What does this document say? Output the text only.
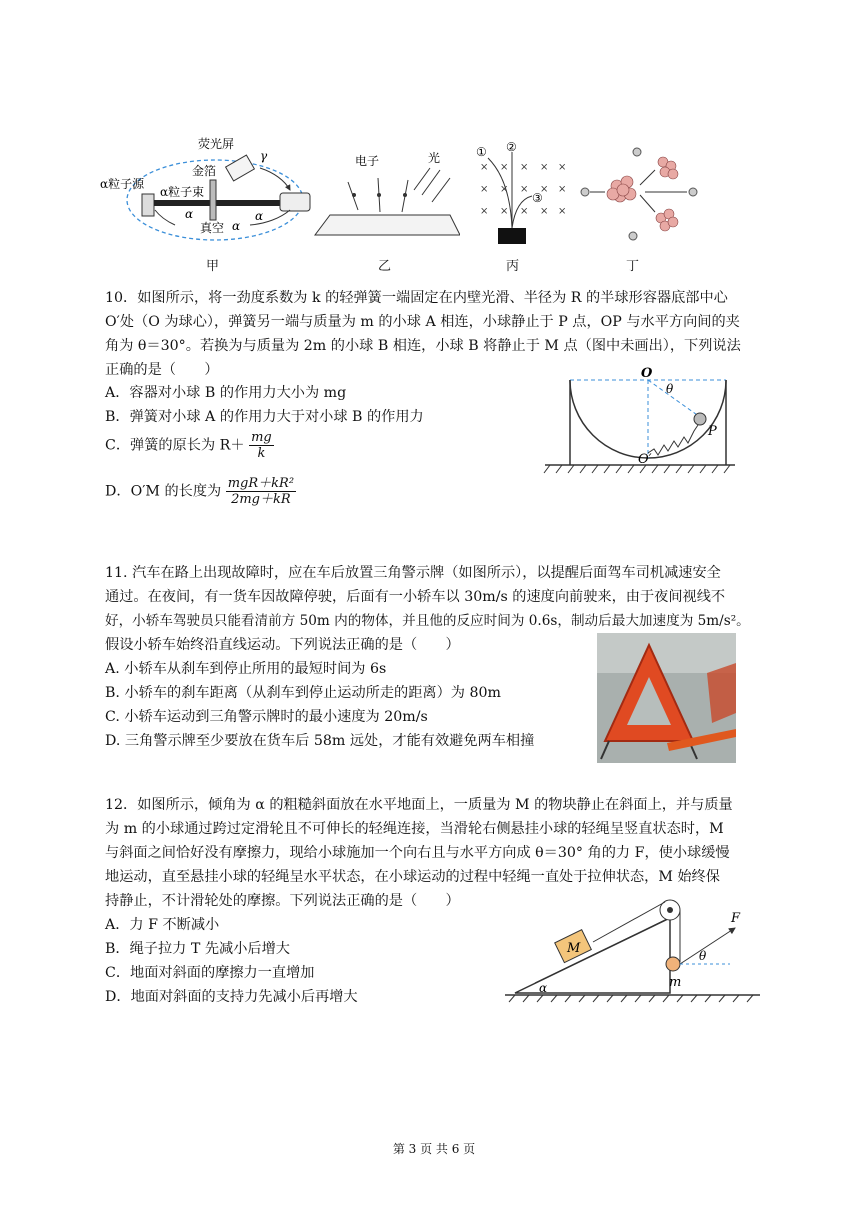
荧光屏
金箔
α粒子源
α粒子束
真空
γ
α
α
α
甲
电子	光
乙
× × × × ×
× × × × ×
× × × × ×
① ②
③
丙	丁
10．如图所示，将一劲度系数为 k 的轻弹簧一端固定在内壁光滑、半径为 R 的半球形容器底部中心
O′处（O 为球心），弹簧另一端与质量为 m 的小球 A 相连，小球静止于 P 点，OP 与水平方向间的夹
角为 θ＝30°。若换为与质量为 2m 的小球 B 相连，小球 B 将静止于 M 点（图中未画出），下列说法
正确的是（　　）
A．容器对小球 B 的作用力大小为 mg
B．弹簧对小球 A 的作用力大于对小球 B 的作用力
C．弹簧的原长为 $R+ \frac{mg}{k}$
D．O′M 的长度为 $\frac{\text{mgR＋kR²}}{2mg+kR}$
O
θ
P
O′
11. 汽车在路上出现故障时，应在车后放置三角警示牌（如图所示），以提醒后面驾车司机减速安全
通过。在夜间，有一货车因故障停驶，后面有一小轿车以 30m/s 的速度向前驶来，由于夜间视线不
好，小轿车驾驶员只能看清前方 50m 内的物体，并且他的反应时间为 0.6s，制动后最大加速度为 5m/s²。
假设小轿车始终沿直线运动。下列说法正确的是（　　）
A. 小轿车从刹车到停止所用的最短时间为 6s
B. 小轿车的刹车距离（从刹车到停止运动所走的距离）为 80m
C. 小轿车运动到三角警示牌时的最小速度为 20m/s
D. 三角警示牌至少要放在货车后 58m 远处，才能有效避免两车相撞
12．如图所示，倾角为 α 的粗糙斜面放在水平地面上，一质量为 M 的物块静止在斜面上，并与质量
为 m 的小球通过跨过定滑轮且不可伸长的轻绳连接，当滑轮右侧悬挂小球的轻绳呈竖直状态时，M
与斜面之间恰好没有摩擦力，现给小球施加一个向右且与水平方向成 θ＝30° 角的力 F，使小球缓慢
地运动，直至悬挂小球的轻绳呈水平状态，在小球运动的过程中轻绳一直处于拉伸状态，M 始终保
持静止，不计滑轮处的摩擦。下列说法正确的是（　　）
A．力 F 不断减小
B．绳子拉力 T 先减小后增大
C．地面对斜面的摩擦力一直增加
D．地面对斜面的支持力先减小后再增大
M
m
F
θ
α
第 3 页 共 6 页
